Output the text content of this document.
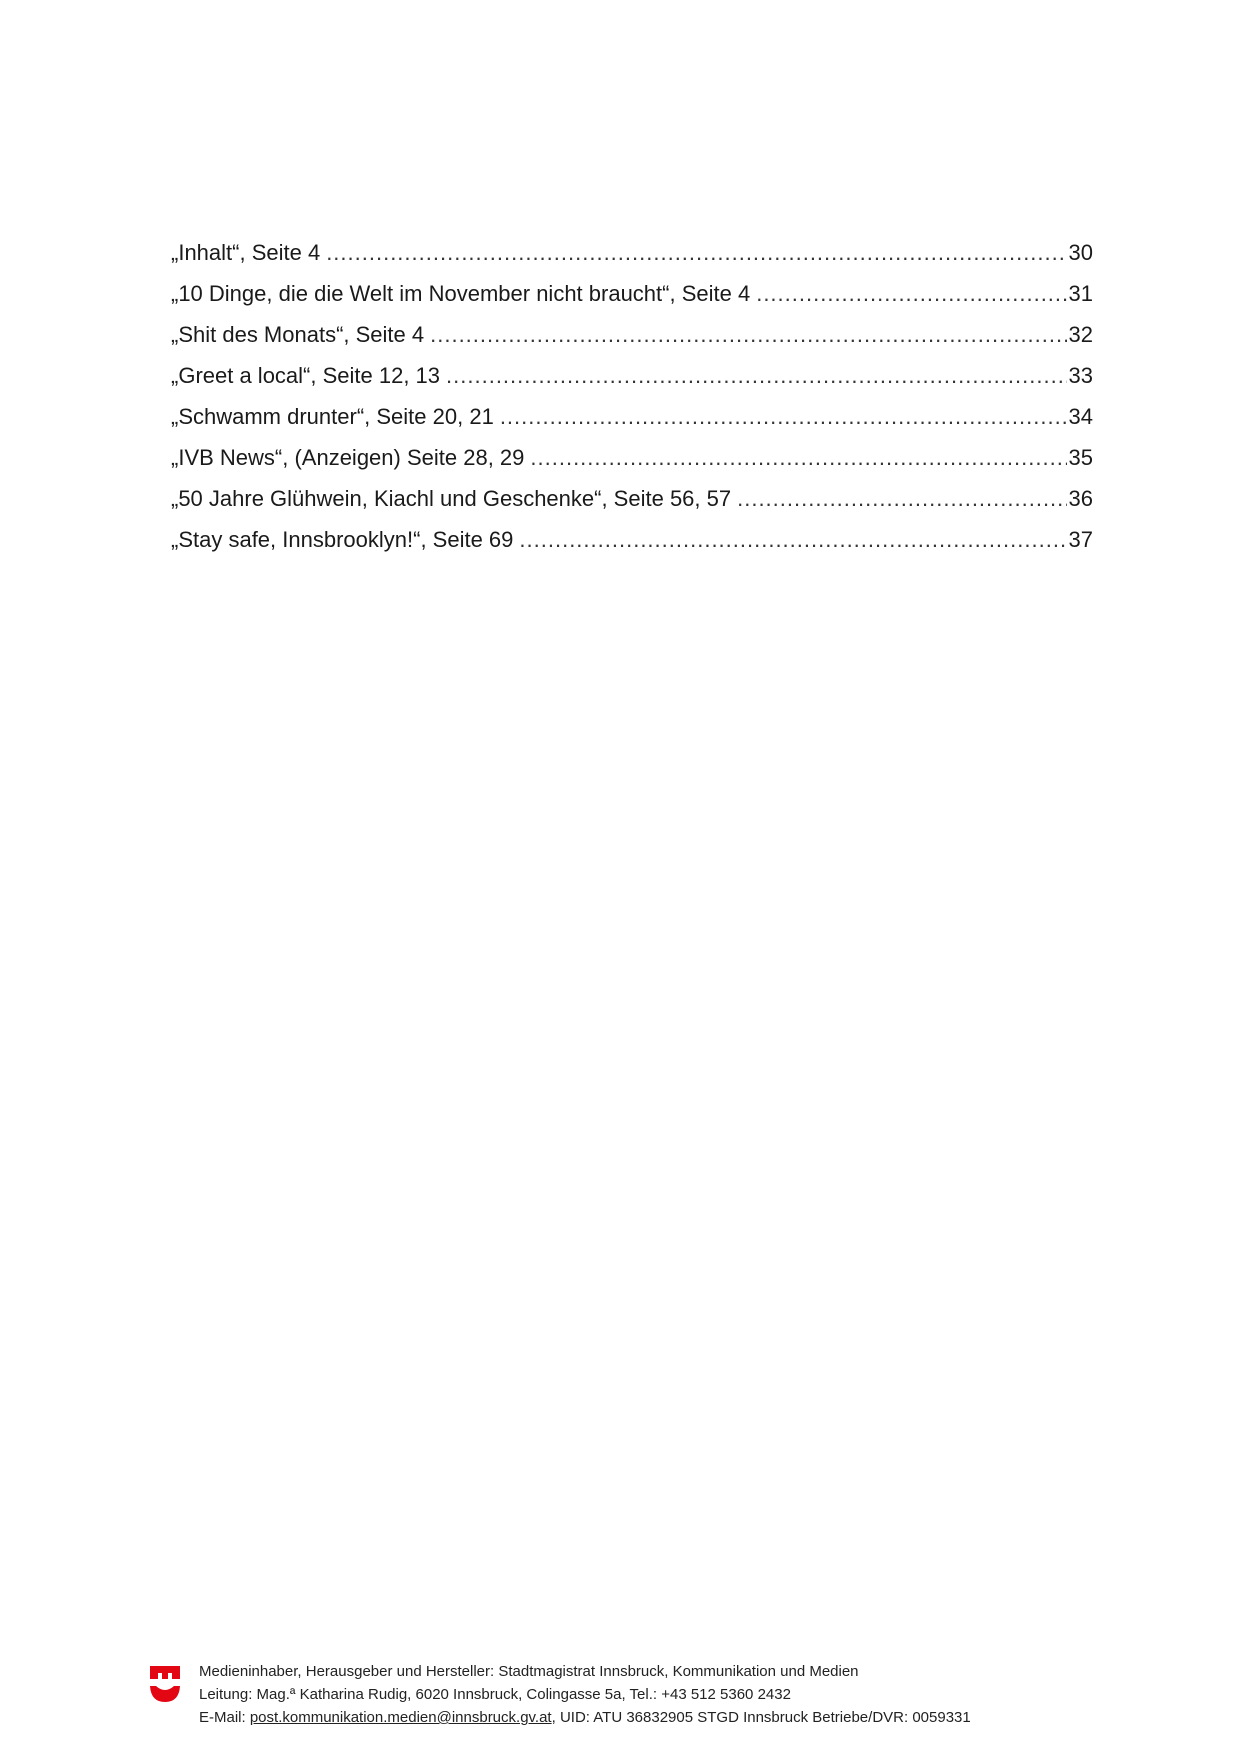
„Inhalt“, Seite 4 .....	30
„10 Dinge, die die Welt im November nicht braucht“, Seite 4 .....	31
„Shit des Monats“, Seite 4 .....	32
„Greet a local“, Seite 12, 13 .....	33
„Schwamm drunter“, Seite 20, 21 .....	34
„IVB News“, (Anzeigen) Seite 28, 29 .....	35
„50 Jahre Glühwein, Kiachl und Geschenke“, Seite 56, 57 .....	36
„Stay safe, Innsbrooklyn!“, Seite 69 .....	37
Medieninhaber, Herausgeber und Hersteller: Stadtmagistrat Innsbruck, Kommunikation und Medien
Leitung: Mag.ª Katharina Rudig, 6020 Innsbruck, Colingasse 5a, Tel.: +43 512 5360 2432
E-Mail: post.kommunikation.medien@innsbruck.gv.at, UID: ATU 36832905 STGD Innsbruck Betriebe/DVR: 0059331
